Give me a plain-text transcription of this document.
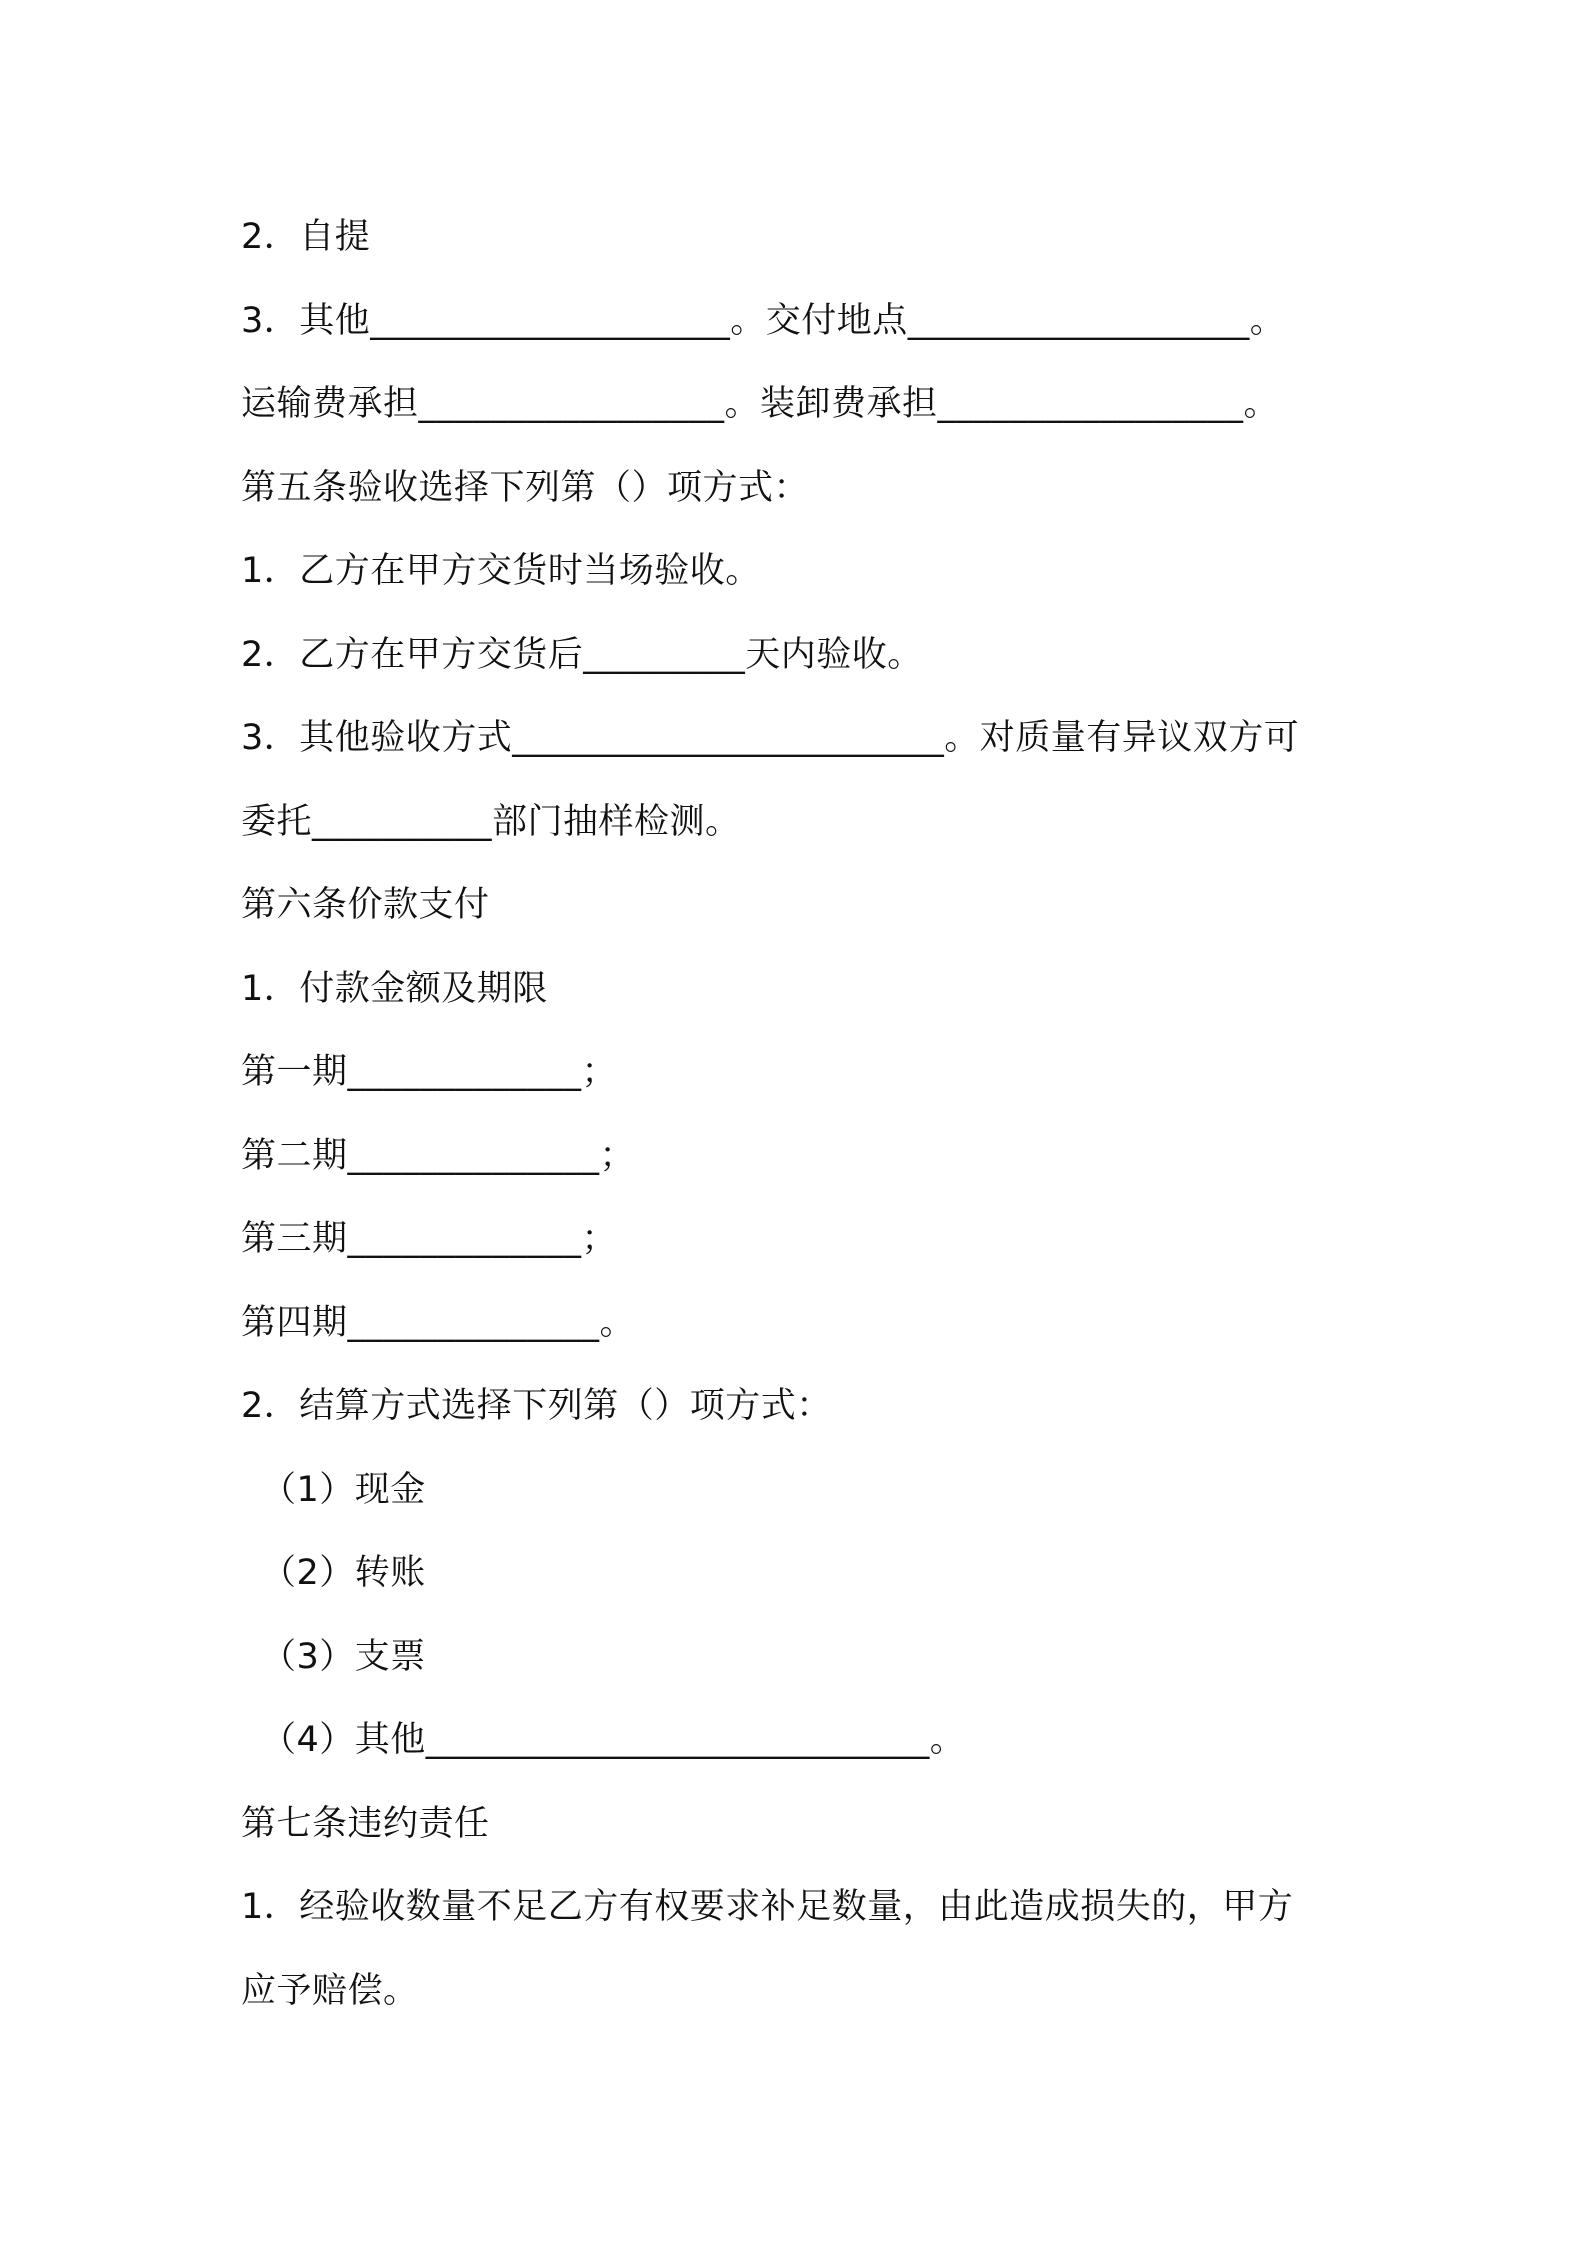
2．自提
3．其他____________________。交付地点___________________。
运输费承担_________________。装卸费承担_________________。
第五条验收选择下列第（）项方式：
1．乙方在甲方交货时当场验收。
2．乙方在甲方交货后_________天内验收。
3．其他验收方式________________________。对质量有异议双方可
委托__________部门抽样检测。
第六条价款支付
1．付款金额及期限
第一期_____________；
第二期______________；
第三期_____________；
第四期______________。
2．结算方式选择下列第（）项方式：
（1）现金
（2）转账
（3）支票
（4）其他____________________________。
第七条违约责任
1．经验收数量不足乙方有权要求补足数量，由此造成损失的，甲方
应予赔偿。
